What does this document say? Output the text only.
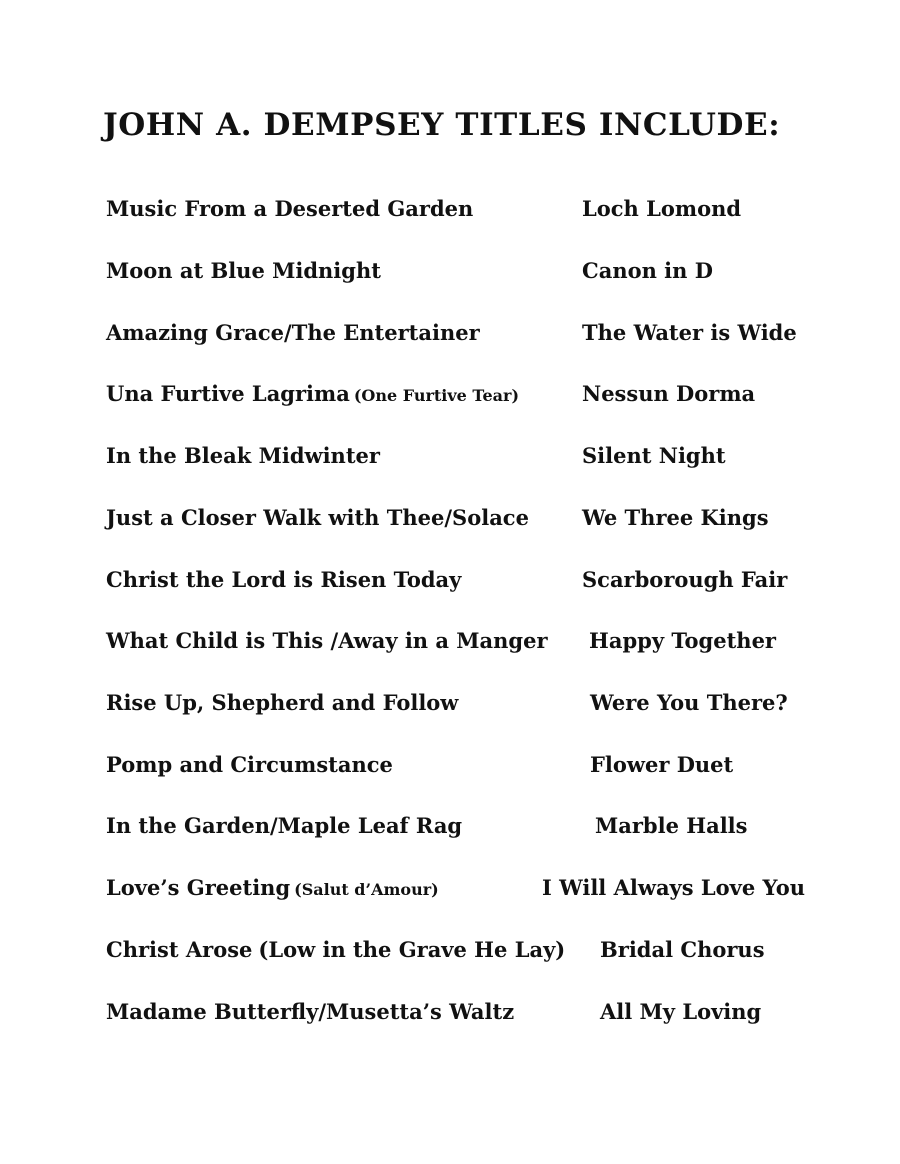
JOHN A. DEMPSEY TITLES INCLUDE:
Music From a Deserted Garden
Moon at Blue Midnight
Amazing Grace/The Entertainer
Una Furtive Lagrima (One Furtive Tear)
In the Bleak Midwinter
Just a Closer Walk with Thee/Solace
Christ the Lord is Risen Today
What Child is This /Away in a Manger
Rise Up, Shepherd and Follow
Pomp and Circumstance
In the Garden/Maple Leaf Rag
Love’s Greeting (Salut d’Amour)
Christ Arose (Low in the Grave He Lay)
Madame Butterfly/Musetta’s Waltz
Loch Lomond
Canon in D
The Water is Wide
Nessun Dorma
Silent Night
We Three Kings
Scarborough Fair
Happy Together
Were You There?
Flower Duet
Marble Halls
I Will Always Love You
Bridal Chorus
All My Loving
